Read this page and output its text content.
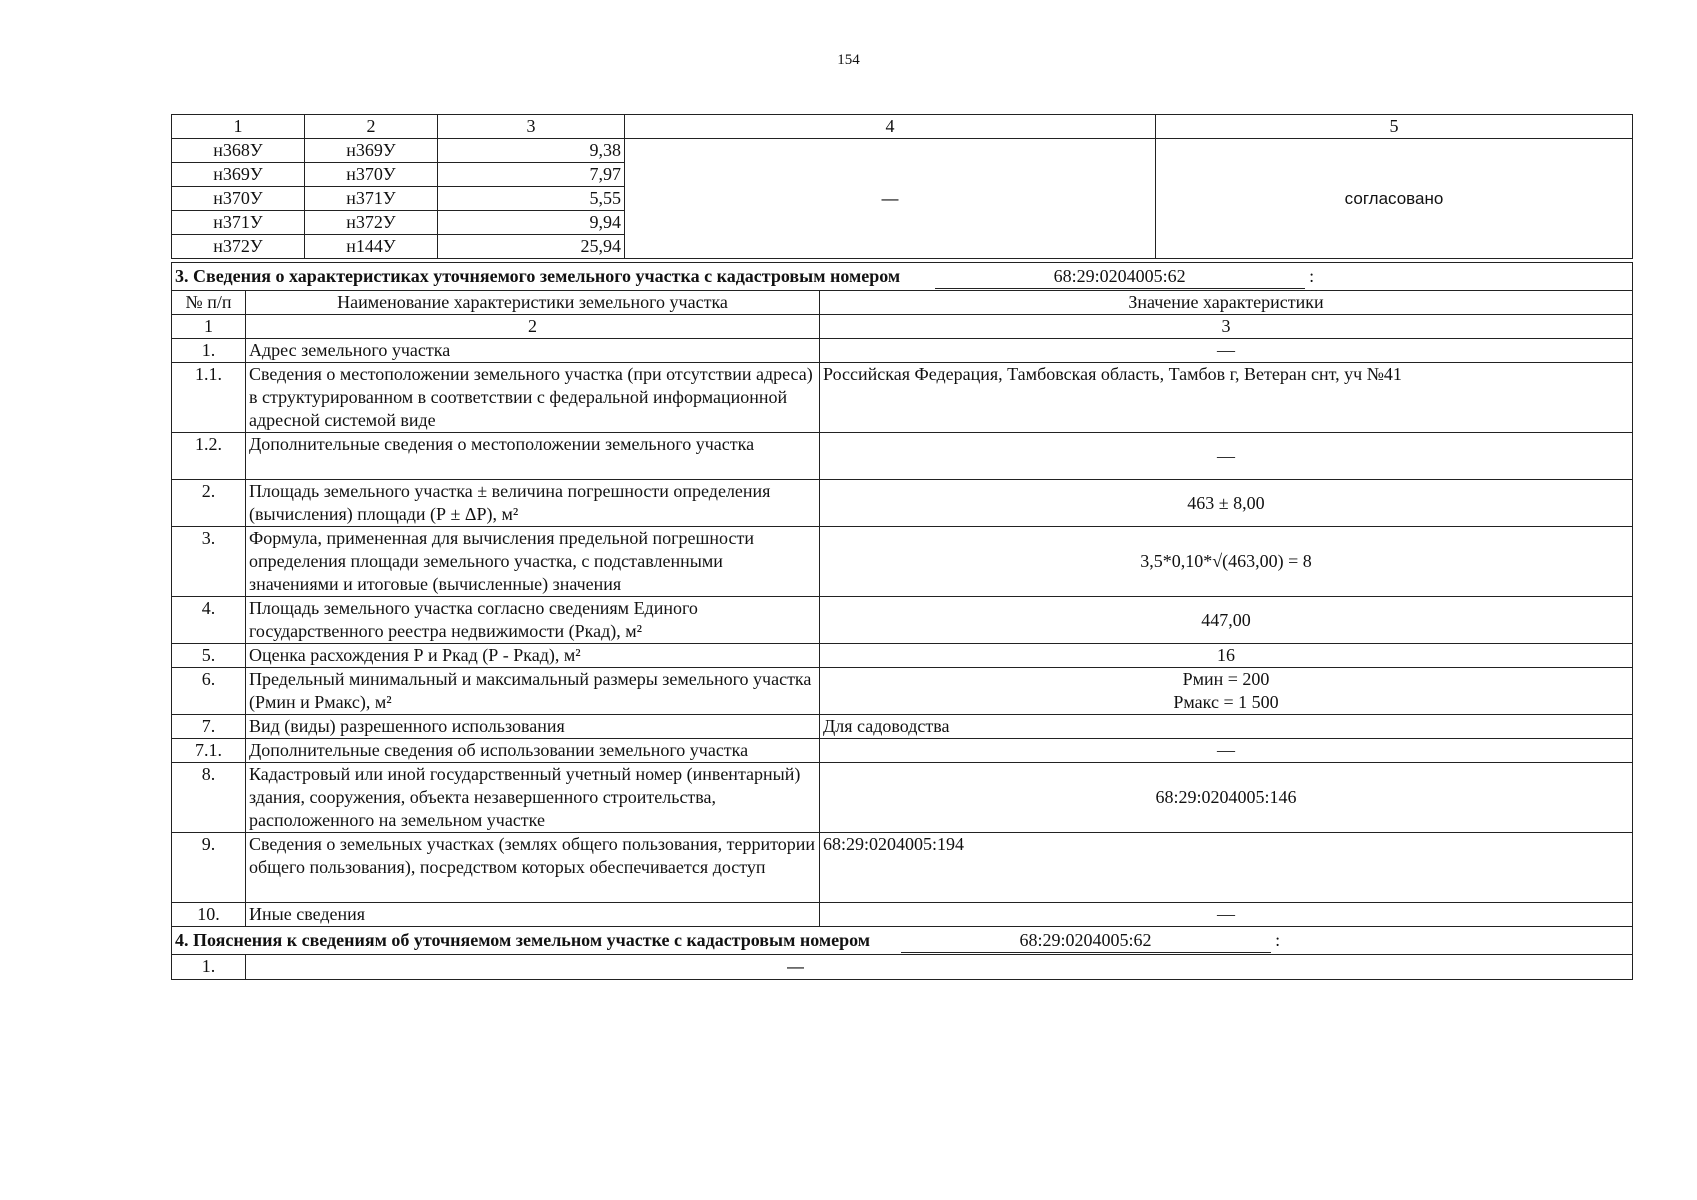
154
1	2	3	4	5
н368У	н369У	9,38	—	согласовано
н369У	н370У	7,97		
н370У	н371У	5,55		
н371У	н372У	9,94		
н372У	н144У	25,94		
3. Сведения о характеристиках уточняемого земельного участка с кадастровым номером 68:29:0204005:62 :		
№ п/п	Наименование характеристики земельного участка	Значение характеристики
1	2	3
1.	Адрес земельного участка	—
1.1.	Сведения о местоположении земельного участка (при отсутствии адреса) в структурированном в соответствии с федеральной информационной адресной системой виде	Российская Федерация, Тамбовская область, Тамбов г, Ветеран снт, уч №41
1.2.	Дополнительные сведения о местоположении земельного участка	—
2.	Площадь земельного участка ± величина погрешности определения (вычисления) площади (Р ± ΔР), м²	463 ± 8,00
3.	Формула, примененная для вычисления предельной погрешности определения площади земельного участка, с подставленными значениями и итоговые (вычисленные) значения	3,5*0,10*√(463,00) = 8
4.	Площадь земельного участка согласно сведениям Единого государственного реестра недвижимости (Ркад), м²	447,00
5.	Оценка расхождения Р и Ркад (Р - Ркад), м²	16
6.	Предельный минимальный и максимальный размеры земельного участка (Рмин и Рмакс), м²	Рмин = 200
Рмакс = 1 500

7.	Вид (виды) разрешенного использования	Для садоводства
7.1.	Дополнительные сведения об использовании земельного участка	—
8.	Кадастровый или иной государственный учетный номер (инвентарный) здания, сооружения, объекта незавершенного строительства, расположенного на земельном участке	68:29:0204005:146
9.	Сведения о земельных участках (землях общего пользования, территории общего пользования), посредством которых обеспечивается доступ	68:29:0204005:194
10.	Иные сведения	—
4. Пояснения к сведениям об уточняемом земельном участке с кадастровым номером 68:29:0204005:62 :		
1.	—	
